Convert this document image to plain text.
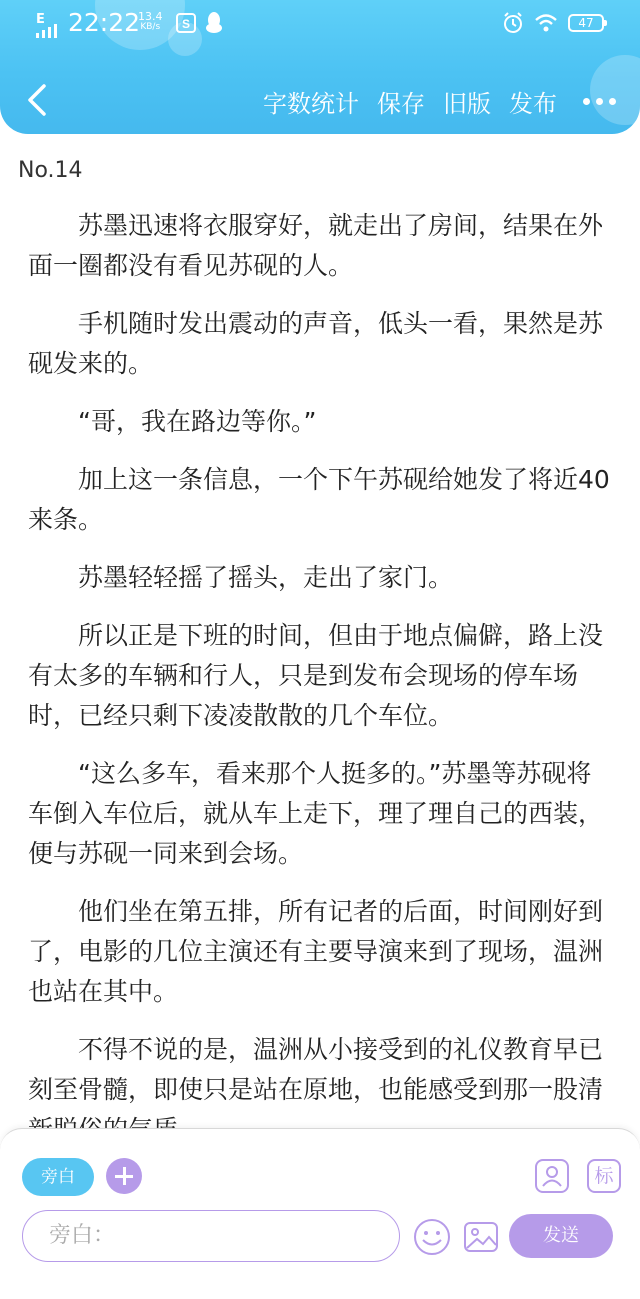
E 22:22
13.4
KB/s S	47
字数统计 保存 旧版 发布
No.14

苏墨迅速将衣服穿好，就走出了房间，结果在外面一圈都没有看见苏砚的人。

手机随时发出震动的声音，低头一看，果然是苏砚发来的。

“哥，我在路边等你。”

加上这一条信息，一个下午苏砚给她发了将近40来条。

苏墨轻轻摇了摇头，走出了家门。

所以正是下班的时间，但由于地点偏僻，路上没有太多的车辆和行人，只是到发布会现场的停车场时，已经只剩下凌凌散散的几个车位。

“这么多车，看来那个人挺多的。”苏墨等苏砚将车倒入车位后，就从车上走下，理了理自己的西装，便与苏砚一同来到会场。

他们坐在第五排，所有记者的后面，时间刚好到了，电影的几位主演还有主要导演来到了现场，温洲也站在其中。

不得不说的是，温洲从小接受到的礼仪教育早已刻至骨髓，即使只是站在原地，也能感受到那一股清

旁白	标
旁白：	发送
